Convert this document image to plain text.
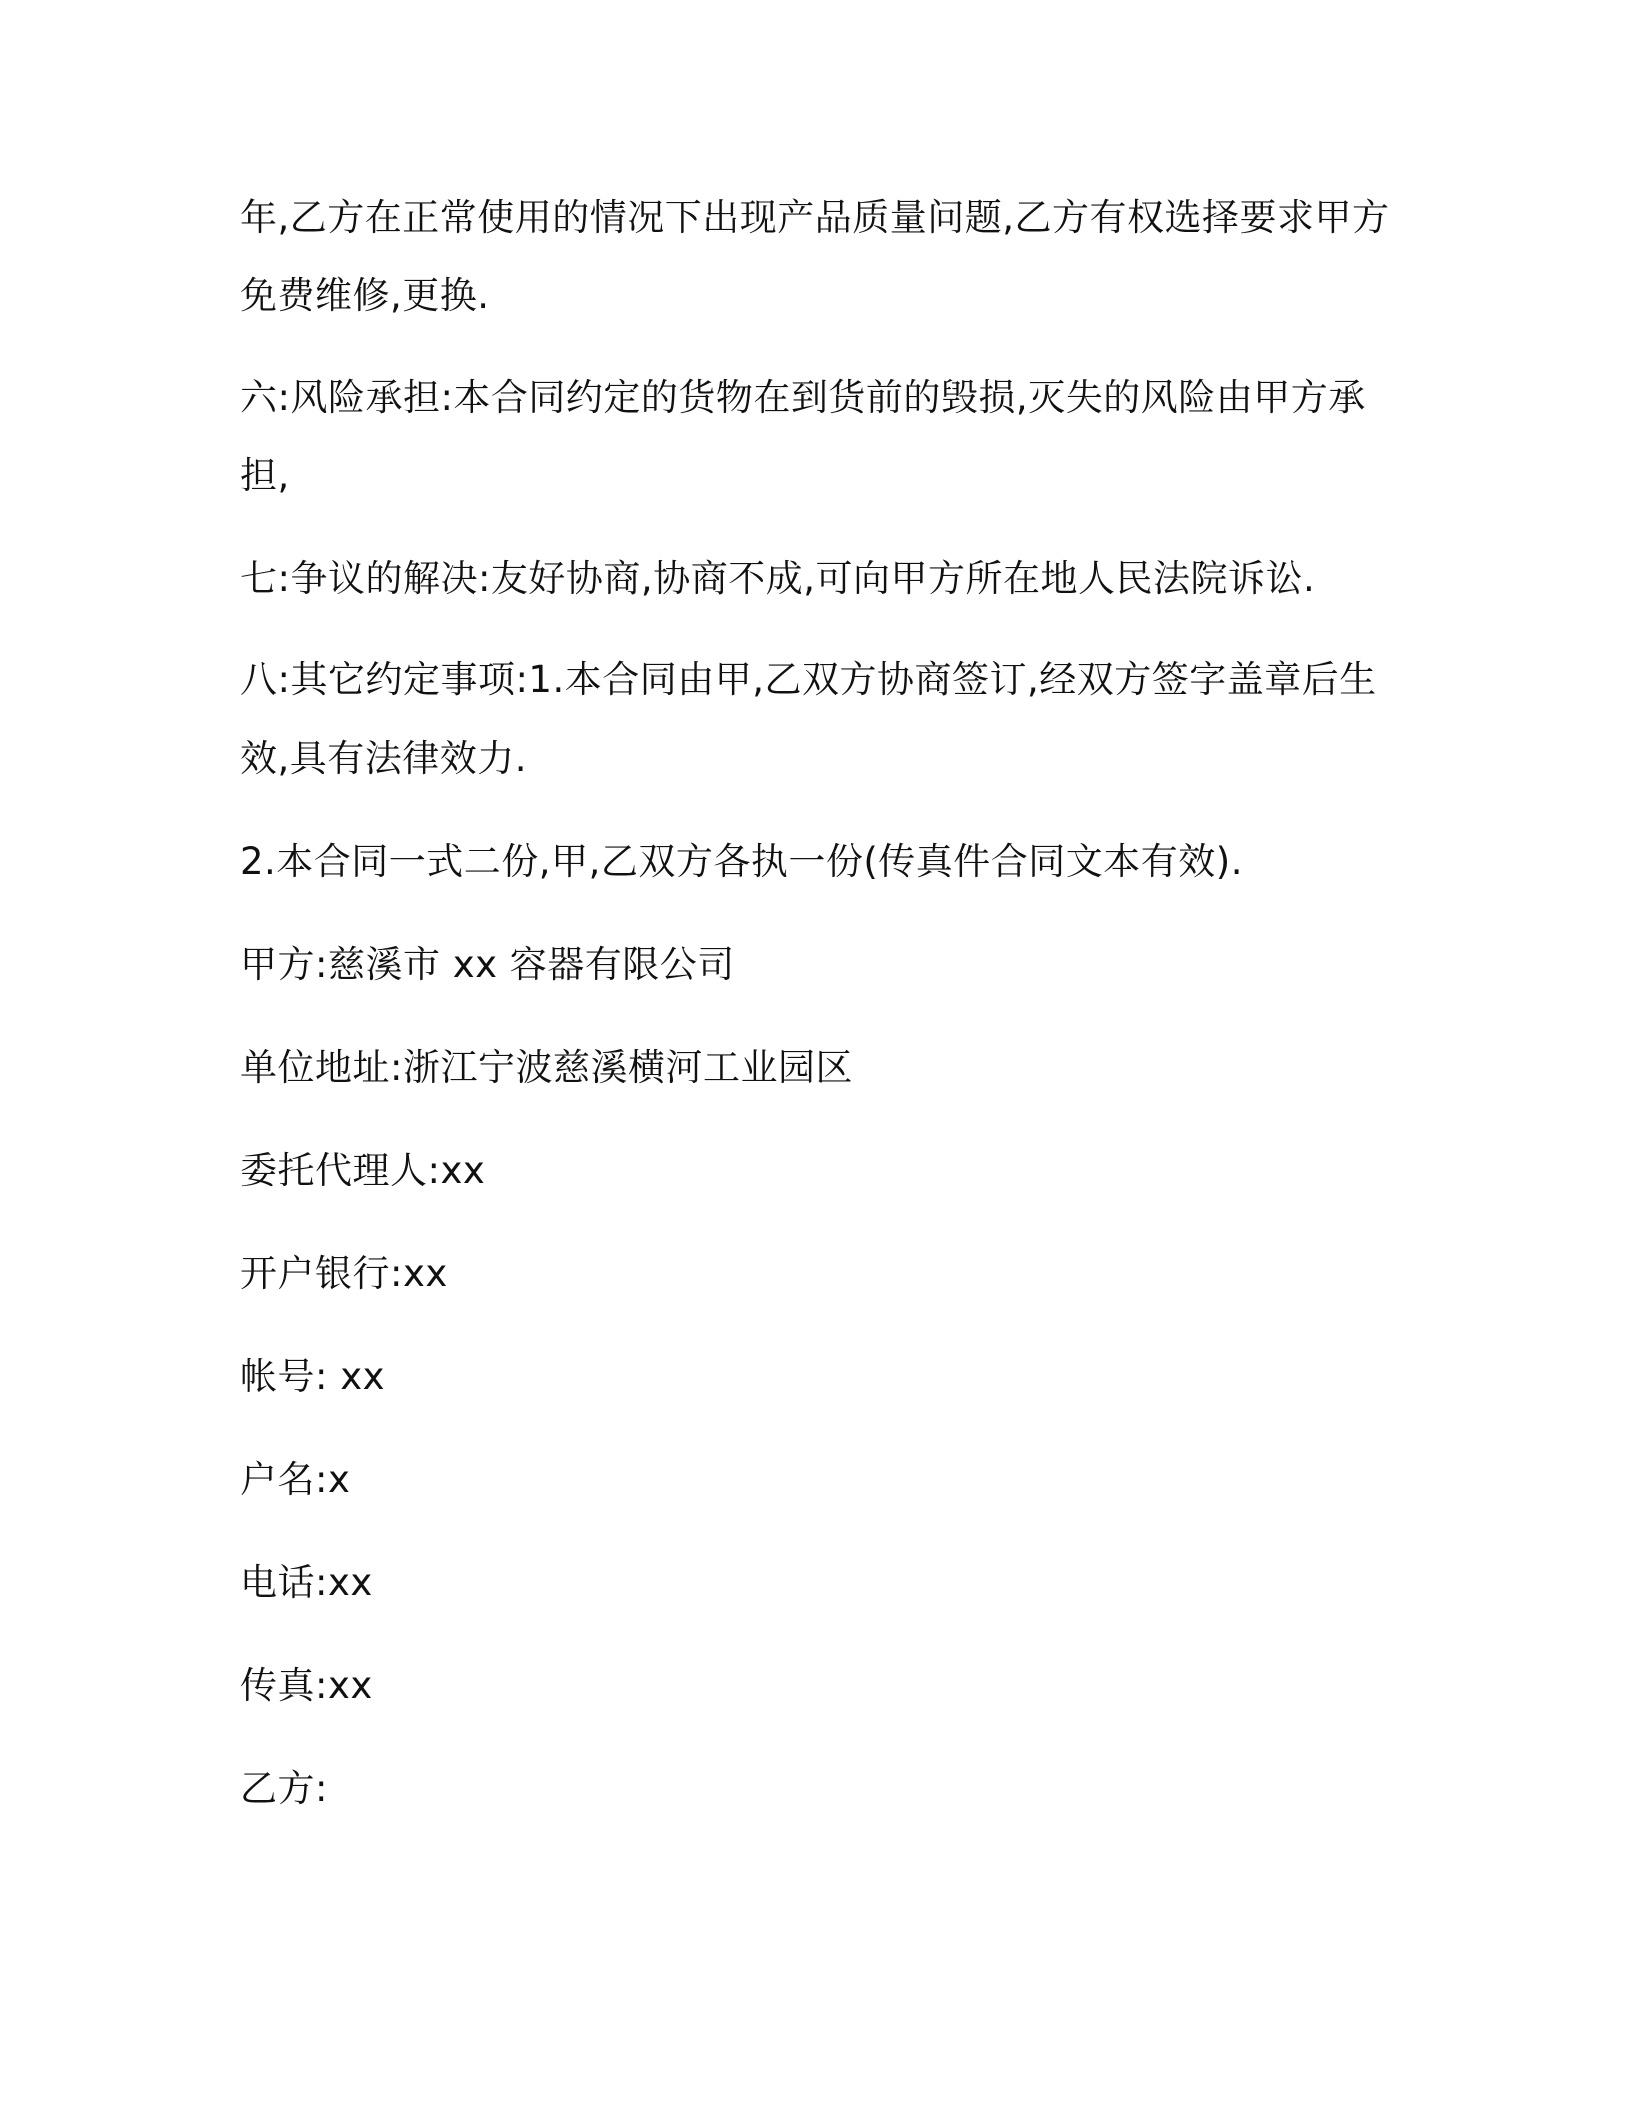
年,乙方在正常使用的情况下出现产品质量问题,乙方有权选择要求甲方

免费维修,更换.

六:风险承担:本合同约定的货物在到货前的毁损,灭失的风险由甲方承

担,

七:争议的解决:友好协商,协商不成,可向甲方所在地人民法院诉讼.

八:其它约定事项:1.本合同由甲,乙双方协商签订,经双方签字盖章后生

效,具有法律效力.

2.本合同一式二份,甲,乙双方各执一份(传真件合同文本有效).

甲方:慈溪市 xx 容器有限公司

单位地址:浙江宁波慈溪横河工业园区

委托代理人:xx

开户银行:xx

帐号: xx

户名:x

电话:xx

传真:xx

乙方:
